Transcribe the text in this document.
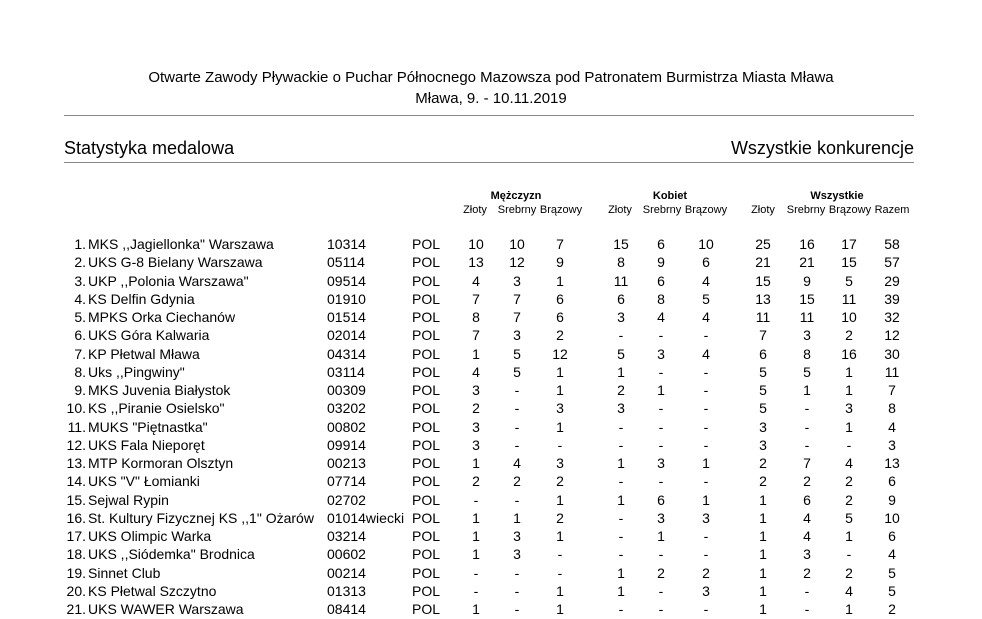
Otwarte Zawody Pływackie o Puchar Północnego Mazowsza pod Patronatem Burmistrza Miasta Mława
Mława, 9. - 10.11.2019
Statystyka medalowa	Wszystkie konkurencje
Mężczyzn	Kobiet	Wszystkie
Złoty Srebrny Brązowy	Złoty Srebrny Brązowy	Złoty	Srebrny Brązowy Razem
1. MKS ,,Jagiellonka" Warszawa	10314	POL	10	10	7	15	6	10	25	16	17	58
2. UKS G-8 Bielany Warszawa	05114	POL	13	12	9	8	9	6	21	21	15	57
3. UKP ,,Polonia Warszawa"	09514	POL	4	3	1	11	6	4	15	9	5	29
4. KS Delfin Gdynia	01910	POL	7	7	6	6	8	5	13	15	11	39
5. MPKS Orka Ciechanów	01514	POL	8	7	6	3	4	4	11	11	10	32
6. UKS Góra Kalwaria	02014	POL	7	3	2	-	-	-	7	3	2	12
7. KP Płetwal Mława	04314	POL	1	5	12	5	3	4	6	8	16	30
8. Uks ,,Pingwiny"	03114	POL	4	5	1	1	-	-	5	5	1	11
9. MKS Juvenia Białystok	00309	POL	3	-	1	2	1	-	5	1	1	7
10. KS ,,Piranie Osielsko"	03202	POL	2	-	3	3	-	-	5	-	3	8
11. MUKS "Piętnastka"	00802	POL	3	-	1	-	-	-	3	-	1	4
12. UKS Fala Nieporęt	09914	POL	3	-	-	-	-	-	3	-	-	3
13. MTP Kormoran Olsztyn	00213	POL	1	4	3	1	3	1	2	7	4	13
14. UKS "V" Łomianki	07714	POL	2	2	2	-	-	-	2	2	2	6
15. Sejwal Rypin	02702	POL	-	-	1	1	6	1	1	6	2	9
16. St. Kultury Fizycznej KS ,,1" Ożarów 01014wiecki POL	1	1	2	-	3	3	1	4	5	10
17. UKS Olimpic Warka	03214	POL	1	3	1	-	1	-	1	4	1	6
18. UKS ,,Siódemka" Brodnica	00602	POL	1	3	-	-	-	-	1	3	-	4
19. Sinnet Club	00214	POL	-	-	-	1	2	2	1	2	2	5
20. KS Płetwal Szczytno	01313	POL	-	-	1	1	-	3	1	-	4	5
21. UKS WAWER Warszawa	08414	POL	1	-	1	-	-	-	1	-	1	2
